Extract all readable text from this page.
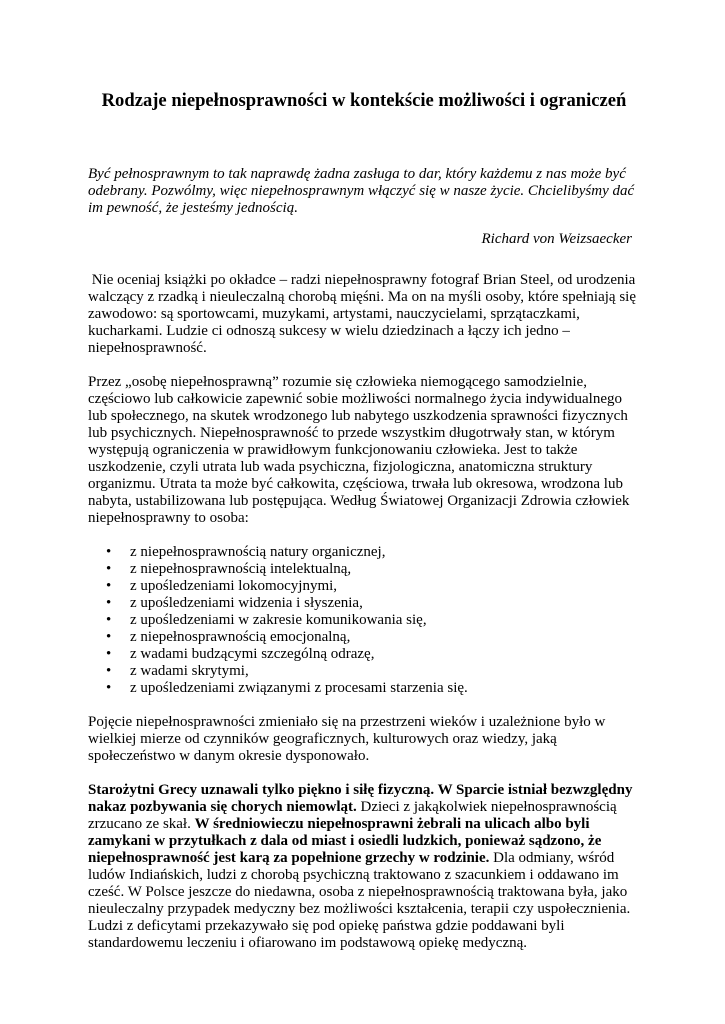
Rodzaje niepełnosprawności w kontekście możliwości i ograniczeń

Być pełnosprawnym to tak naprawdę żadna zasługa to dar, który każdemu z nas może być odebrany. Pozwólmy, więc niepełnosprawnym włączyć się w nasze życie. Chcielibyśmy dać im pewność, że jesteśmy jednością.

Richard von Weizsaecker

Nie oceniaj książki po okładce – radzi niepełnosprawny fotograf Brian Steel, od urodzenia walczący z rzadką i nieuleczalną chorobą mięśni. Ma on na myśli osoby, które spełniają się zawodowo: są sportowcami, muzykami, artystami, nauczycielami, sprzątaczkami, kucharkami. Ludzie ci odnoszą sukcesy w wielu dziedzinach a łączy ich jedno – niepełnosprawność.

Przez „osobę niepełnosprawną” rozumie się człowieka niemogącego samodzielnie, częściowo lub całkowicie zapewnić sobie możliwości normalnego życia indywidualnego lub społecznego, na skutek wrodzonego lub nabytego uszkodzenia sprawności fizycznych lub psychicznych. Niepełnosprawność to przede wszystkim długotrwały stan, w którym występują ograniczenia w prawidłowym funkcjonowaniu człowieka. Jest to także uszkodzenie, czyli utrata lub wada psychiczna, fizjologiczna, anatomiczna struktury organizmu. Utrata ta może być całkowita, częściowa, trwała lub okresowa, wrodzona lub nabyta, ustabilizowana lub postępująca. Według Światowej Organizacji Zdrowia człowiek niepełnosprawny to osoba:

• z niepełnosprawnością natury organicznej,
• z niepełnosprawnością intelektualną,
• z upośledzeniami lokomocyjnymi,
• z upośledzeniami widzenia i słyszenia,
• z upośledzeniami w zakresie komunikowania się,
• z niepełnosprawnością emocjonalną,
• z wadami budzącymi szczególną odrazę,
• z wadami skrytymi,
• z upośledzeniami związanymi z procesami starzenia się.

Pojęcie niepełnosprawności zmieniało się na przestrzeni wieków i uzależnione było w wielkiej mierze od czynników geograficznych, kulturowych oraz wiedzy, jaką społeczeństwo w danym okresie dysponowało.

Starożytni Grecy uznawali tylko piękno i siłę fizyczną. W Sparcie istniał bezwzględny nakaz pozbywania się chorych niemowląt. Dzieci z jakąkolwiek niepełnosprawnością zrzucano ze skał. W średniowieczu niepełnosprawni żebrali na ulicach albo byli zamykani w przytułkach z dala od miast i osiedli ludzkich, ponieważ sądzono, że niepełnosprawność jest karą za popełnione grzechy w rodzinie. Dla odmiany, wśród ludów Indiańskich, ludzi z chorobą psychiczną traktowano z szacunkiem i oddawano im cześć. W Polsce jeszcze do niedawna, osoba z niepełnosprawnością traktowana była, jako nieuleczalny przypadek medyczny bez możliwości kształcenia, terapii czy uspołecznienia. Ludzi z deficytami przekazywało się pod opiekę państwa gdzie poddawani byli standardowemu leczeniu i ofiarowano im podstawową opiekę medyczną.
